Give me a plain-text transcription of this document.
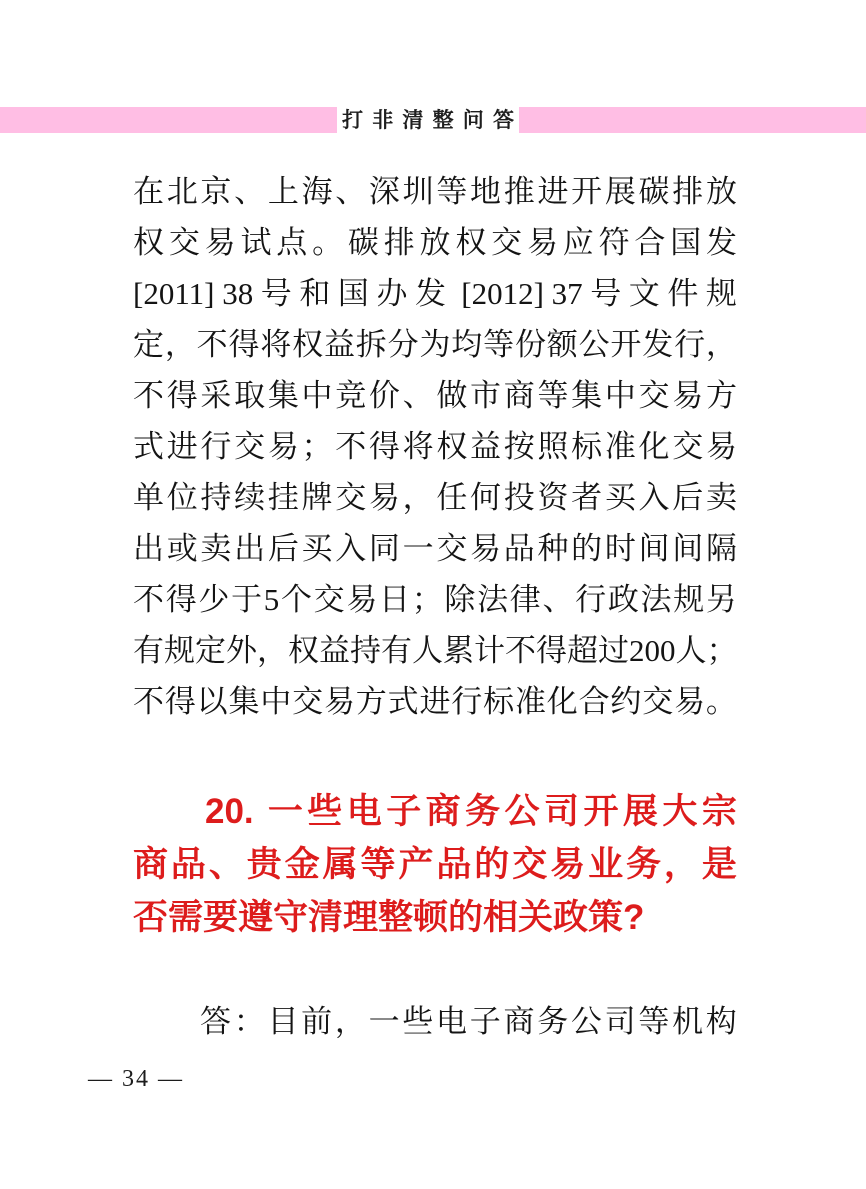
打 非 清 整 问 答
在 北 京 、 上 海 、 深 圳 等 地 推 进 开 展 碳 排 放
权 交 易 试 点 。 碳 排 放 权 交 易 应 符 合 国 发
[2011] 38 号 和 国 办 发 [2012] 37 号 文 件 规
定 ， 不 得 将 权 益 拆 分 为 均 等 份 额 公 开 发 行 ，
不 得 采 取 集 中 竞 价 、 做 市 商 等 集 中 交 易 方
式 进 行 交 易 ； 不 得 将 权 益 按 照 标 准 化 交 易
单 位 持 续 挂 牌 交 易 ， 任 何 投 资 者 买 入 后 卖
出 或 卖 出 后 买 入 同 一 交 易 品 种 的 时 间 间 隔
不 得 少 于 5 个 交 易 日 ； 除 法 律 、 行 政 法 规 另
有 规 定 外 ， 权 益 持 有 人 累 计 不 得 超 过 200 人 ；
不 得 以 集 中 交 易 方 式 进 行 标 准 化 合 约 交 易 。
20. 一 些 电 子 商 务 公 司 开 展 大 宗
商 品 、 贵 金 属 等 产 品 的 交 易 业 务 ， 是
否需要遵守清理整顿的相关政策?
答 ： 目 前 ， 一 些 电 子 商 务 公 司 等 机 构
— 34 —
